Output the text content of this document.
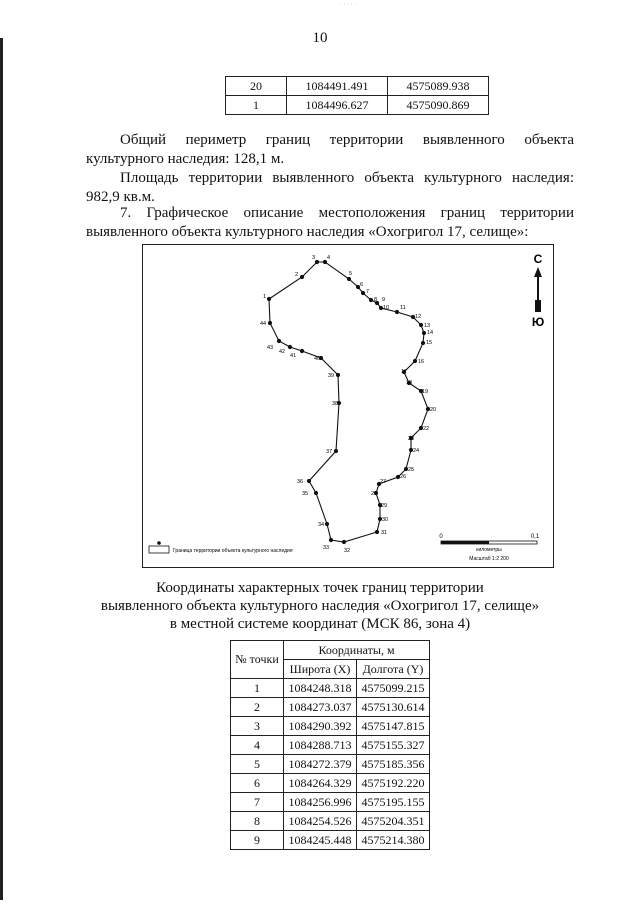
10
20	1084491.491	4575089.938
1	1084496.627	4575090.869
Общий периметр границ территории выявленного объекта культурного наследия: 128,1 м.
Площадь территории выявленного объекта культурного наследия: 982,9 кв.м.
7. Графическое описание местоположения границ территории выявленного объекта культурного наследия «Охогригол 17, селище»:
1
2
3 4
5
6
7
8 9
10 11
12
13
14
15
16
17
18
19
20
22
23
24
25
26
27
28
29
30
31
32
33
34
35
36
37
38
39
40
41
42
43
44
С
Ю
0	0,1
километры
Масштаб 1:2 200
Граница территории объекта культурного наследия
Координаты характерных точек границ территории
выявленного объекта культурного наследия «Охогригол 17, селище»
в местной системе координат (МСК 86, зона 4)
№ точки	Координаты, м	
	Широта (X)	Долгота (Y)
1	1084248.318	4575099.215
2	1084273.037	4575130.614
3	1084290.392	4575147.815
4	1084288.713	4575155.327
5	1084272.379	4575185.356
6	1084264.329	4575192.220
7	1084256.996	4575195.155
8	1084254.526	4575204.351
9	1084245.448	4575214.380
· · · · ·
